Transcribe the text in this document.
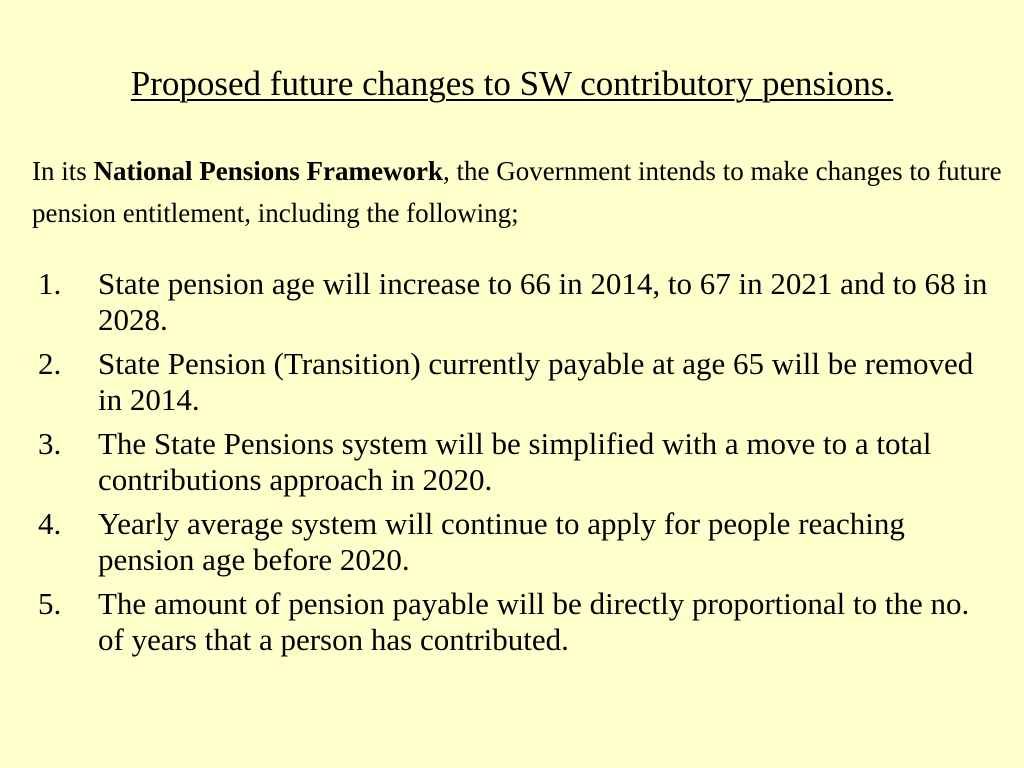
Proposed future changes to SW contributory pensions.

In its National Pensions Framework, the Government intends to make changes to future pension entitlement, including the following;

1.	State pension age will increase to 66 in 2014, to 67 in 2021 and to 68 in 2028.
2.	State Pension (Transition) currently payable at age 65 will be removed in 2014.
3.	The State Pensions system will be simplified with a move to a total contributions approach in 2020.
4.	Yearly average system will continue to apply for people reaching pension age before 2020.
5.	The amount of pension payable will be directly proportional to the no. of years that a person has contributed.
